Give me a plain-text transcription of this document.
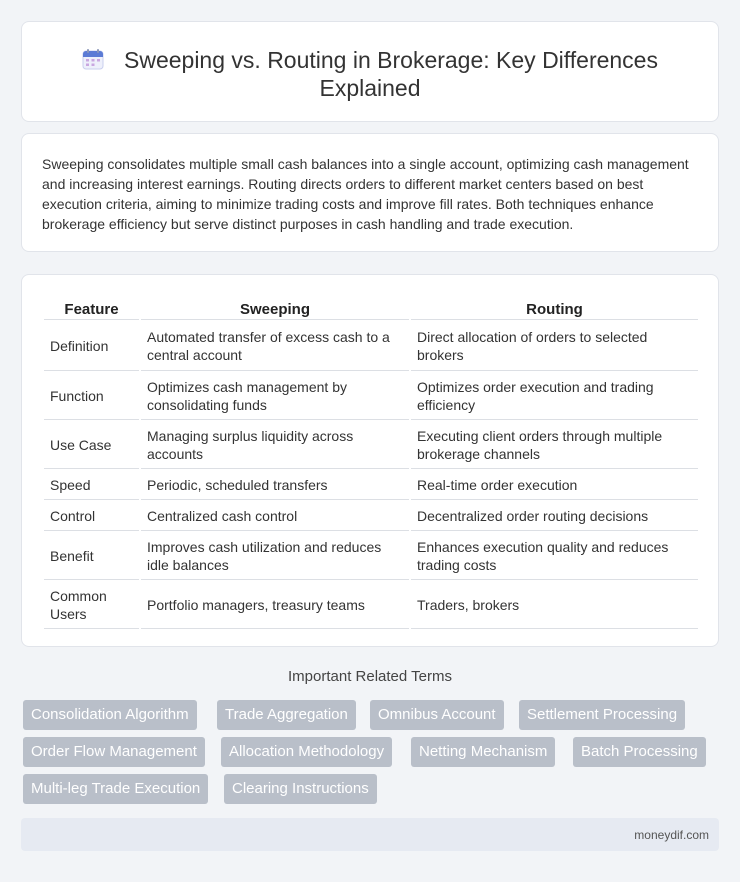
Sweeping vs. Routing in Brokerage: Key Differences Explained

Sweeping consolidates multiple small cash balances into a single account, optimizing cash management and increasing interest earnings. Routing directs orders to different market centers based on best execution criteria, aiming to minimize trading costs and improve fill rates. Both techniques enhance brokerage efficiency but serve distinct purposes in cash handling and trade execution.

Feature	Sweeping	Routing
Definition	Automated transfer of excess cash to a central account	Direct allocation of orders to selected brokers
Function	Optimizes cash management by consolidating funds	Optimizes order execution and trading efficiency
Use Case	Managing surplus liquidity across accounts	Executing client orders through multiple brokerage channels
Speed	Periodic, scheduled transfers	Real-time order execution
Control	Centralized cash control	Decentralized order routing decisions
Benefit	Improves cash utilization and reduces idle balances	Enhances execution quality and reduces trading costs
Common Users	Portfolio managers, treasury teams	Traders, brokers
Important Related Terms
Consolidation Algorithm	Trade Aggregation	Omnibus Account	Settlement Processing
Order Flow Management	Allocation Methodology	Netting Mechanism	Batch Processing
Multi-leg Trade Execution	Clearing Instructions
moneydif.com
